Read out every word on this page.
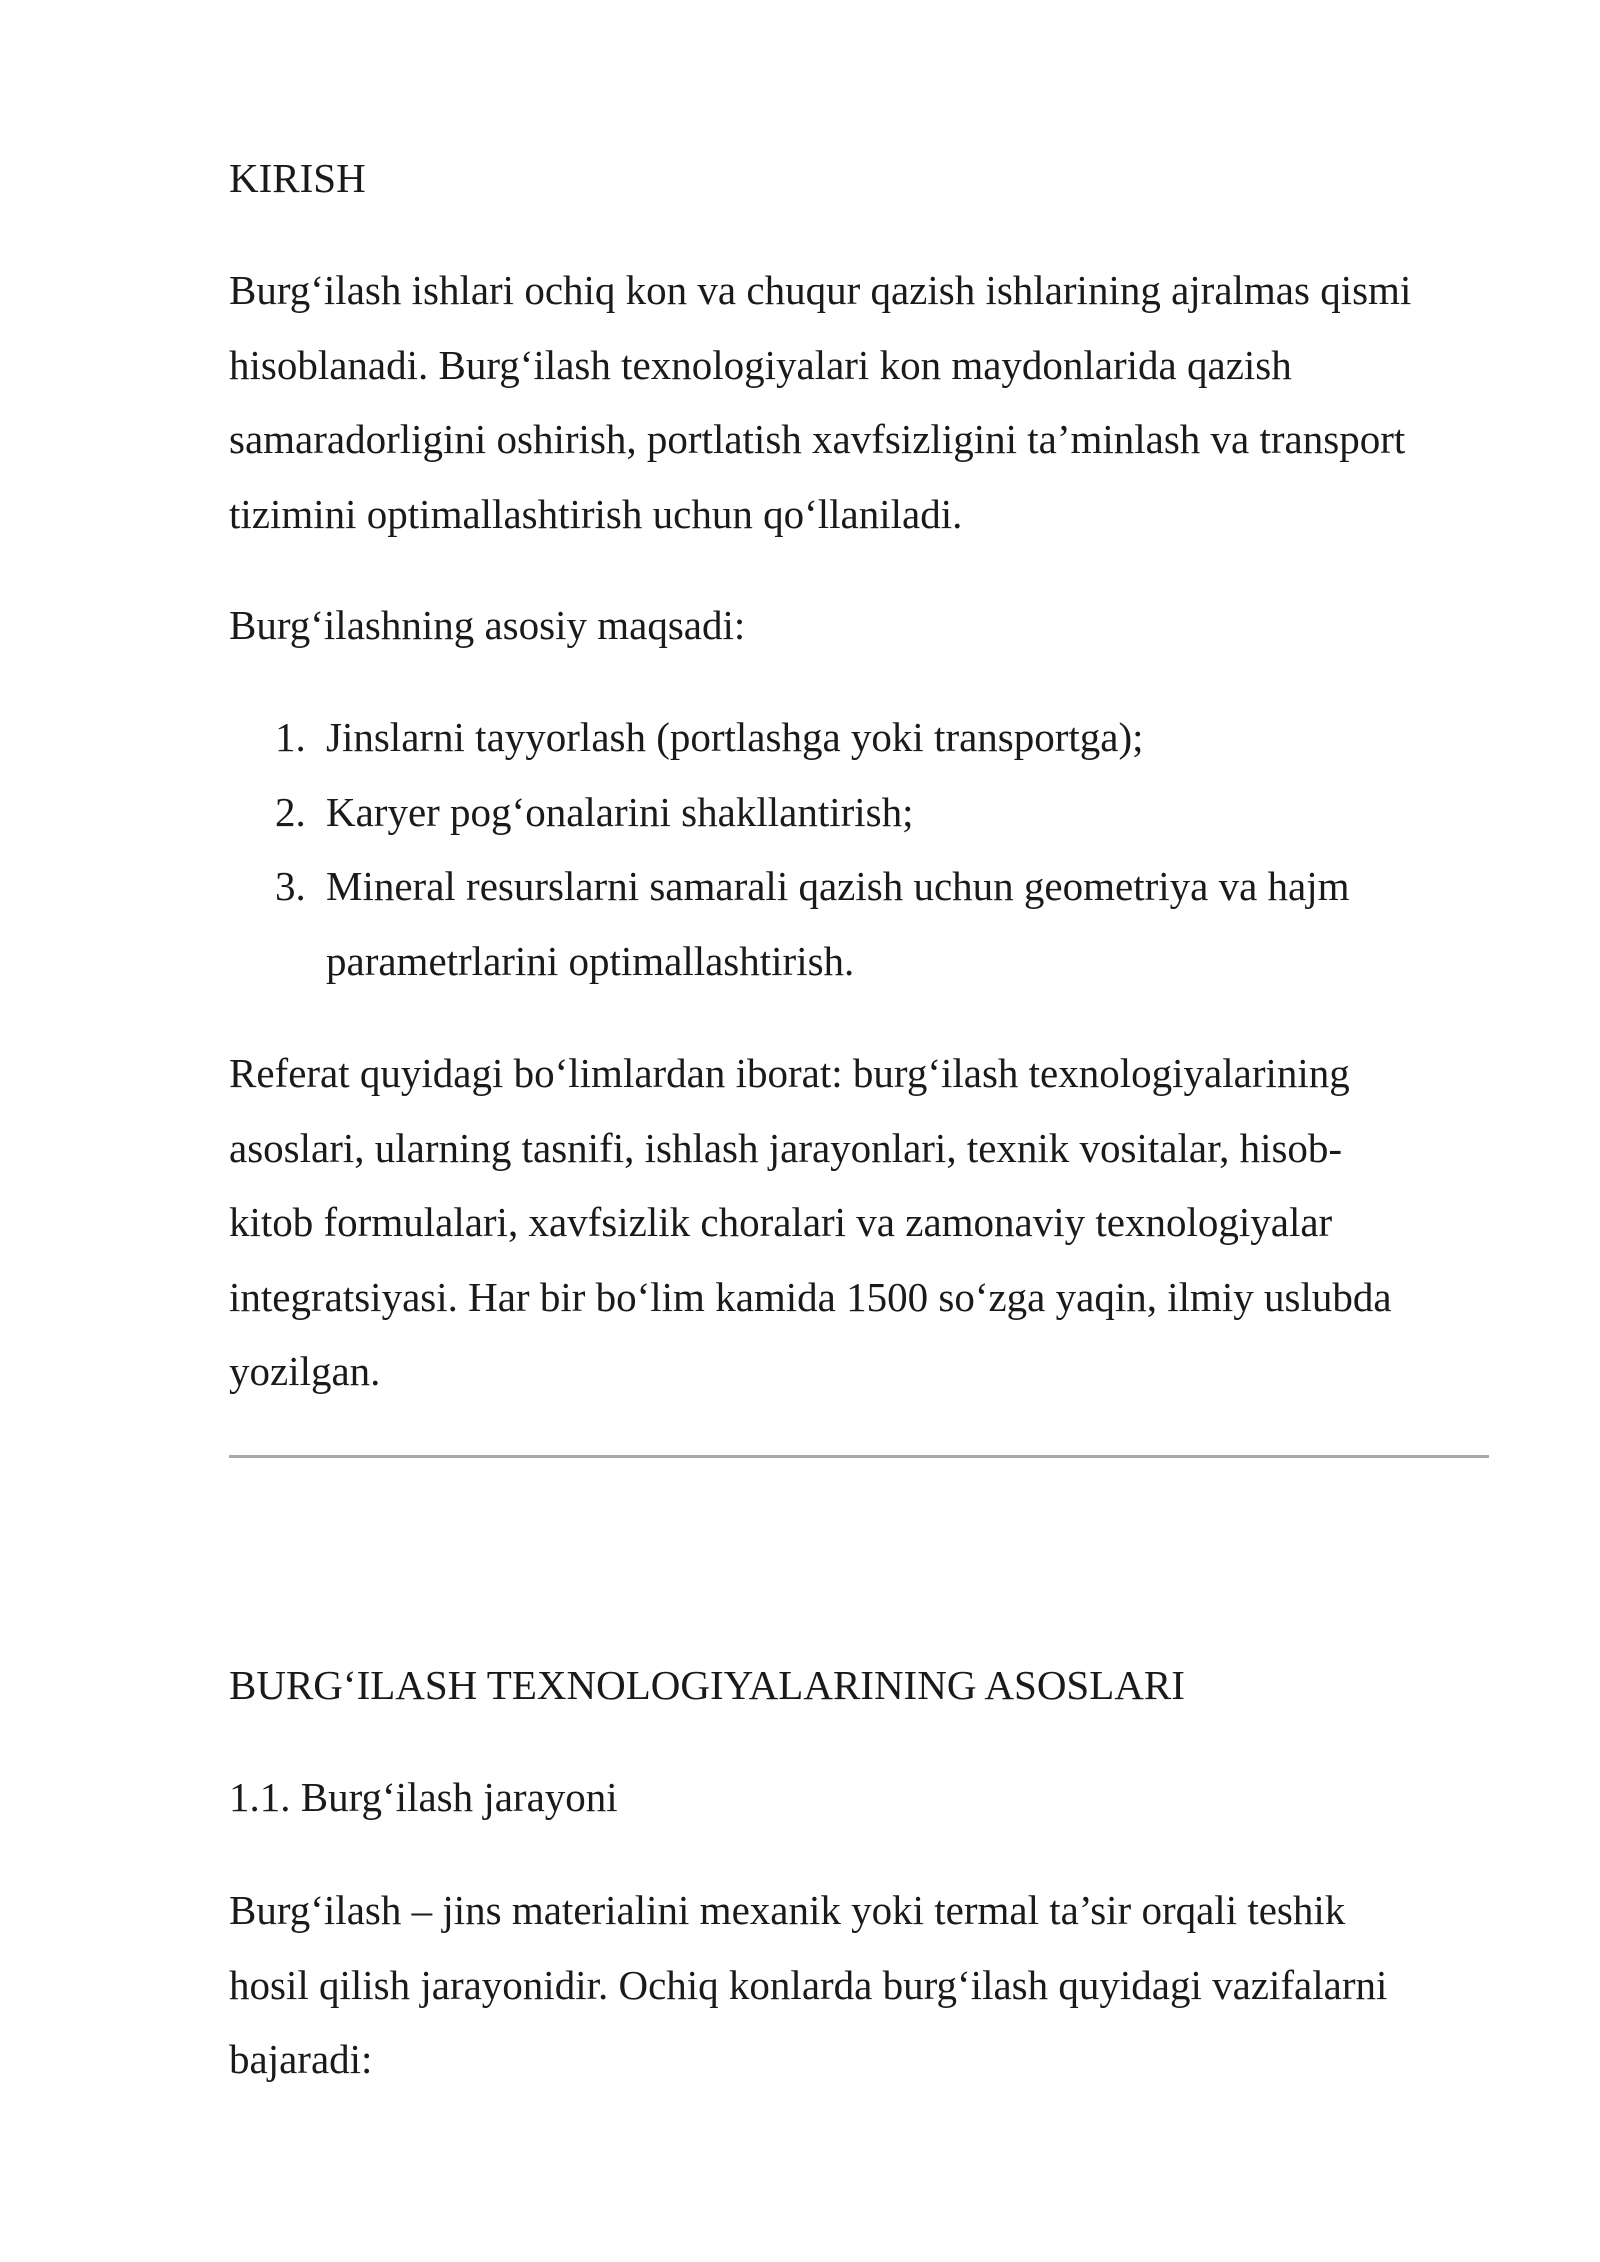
KIRISH

Burg‘ilash ishlari ochiq kon va chuqur qazish ishlarining ajralmas qismi
hisoblanadi. Burg‘ilash texnologiyalari kon maydonlarida qazish
samaradorligini oshirish, portlatish xavfsizligini ta’minlash va transport
tizimini optimallashtirish uchun qo‘llaniladi.

Burg‘ilashning asosiy maqsadi:

1. Jinslarni tayyorlash (portlashga yoki transportga);
2. Karyer pog‘onalarini shakllantirish;
3. Mineral resurslarni samarali qazish uchun geometriya va hajm
parametrlarini optimallashtirish.

Referat quyidagi bo‘limlardan iborat: burg‘ilash texnologiyalarining
asoslari, ularning tasnifi, ishlash jarayonlari, texnik vositalar, hisob-
kitob formulalari, xavfsizlik choralari va zamonaviy texnologiyalar
integratsiyasi. Har bir bo‘lim kamida 1500 so‘zga yaqin, ilmiy uslubda
yozilgan.

BURG‘ILASH TEXNOLOGIYALARINING ASOSLARI
1.1. Burg‘ilash jarayoni

Burg‘ilash – jins materialini mexanik yoki termal ta’sir orqali teshik
hosil qilish jarayonidir. Ochiq konlarda burg‘ilash quyidagi vazifalarni
bajaradi:
